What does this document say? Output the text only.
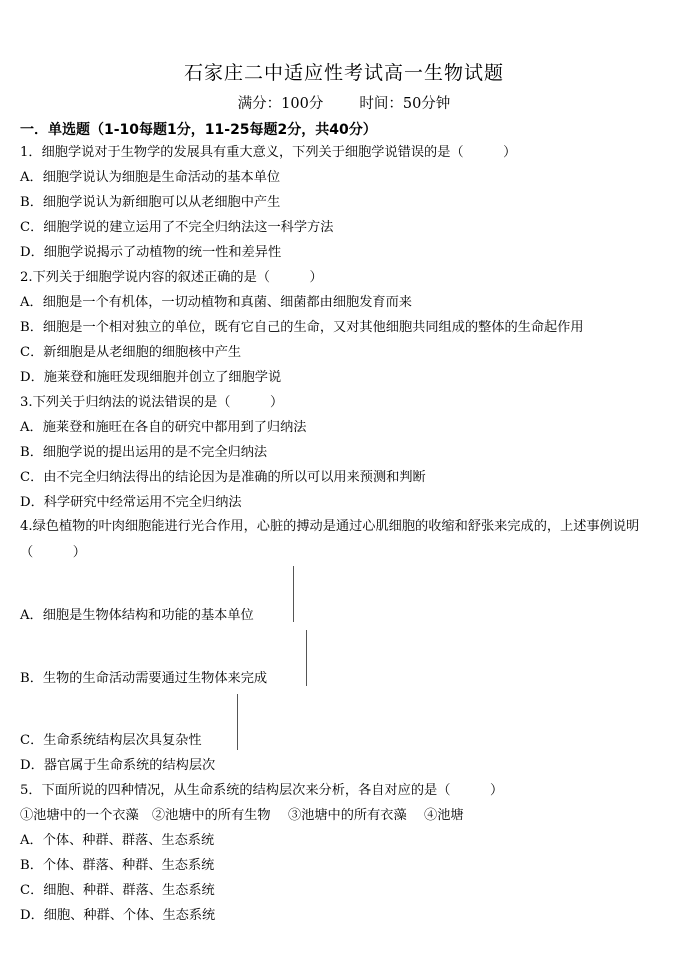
石家庄二中适应性考试高一生物试题
满分：100分 时间：50分钟
一．单选题（1-10每题1分，11-25每题2分，共40分）
1．细胞学说对于生物学的发展具有重大意义，下列关于细胞学说错误的是（　　　）
A．细胞学说认为细胞是生命活动的基本单位
B．细胞学说认为新细胞可以从老细胞中产生
C．细胞学说的建立运用了不完全归纳法这一科学方法
D．细胞学说揭示了动植物的统一性和差异性
2.下列关于细胞学说内容的叙述正确的是（　　　）
A．细胞是一个有机体，一切动植物和真菌、细菌都由细胞发育而来
B．细胞是一个相对独立的单位，既有它自己的生命，又对其他细胞共同组成的整体的生命起作用
C．新细胞是从老细胞的细胞核中产生
D．施莱登和施旺发现细胞并创立了细胞学说
3.下列关于归纳法的说法错误的是（　　　）
A．施莱登和施旺在各自的研究中都用到了归纳法
B．细胞学说的提出运用的是不完全归纳法
C．由不完全归纳法得出的结论因为是准确的所以可以用来预测和判断
D．科学研究中经常运用不完全归纳法
4.绿色植物的叶肉细胞能进行光合作用，心脏的搏动是通过心肌细胞的收缩和舒张来完成的，上述事例说明（　　　）
A．细胞是生物体结构和功能的基本单位
B．生物的生命活动需要通过生物体来完成
C．生命系统结构层次具复杂性
D．器官属于生命系统的结构层次
5．下面所说的四种情况，从生命系统的结构层次来分析，各自对应的是（　　　）
①池塘中的一个衣藻　②池塘中的所有生物　 ③池塘中的所有衣藻　 ④池塘
A．个体、种群、群落、生态系统
B．个体、群落、种群、生态系统
C．细胞、种群、群落、生态系统
D．细胞、种群、个体、生态系统
